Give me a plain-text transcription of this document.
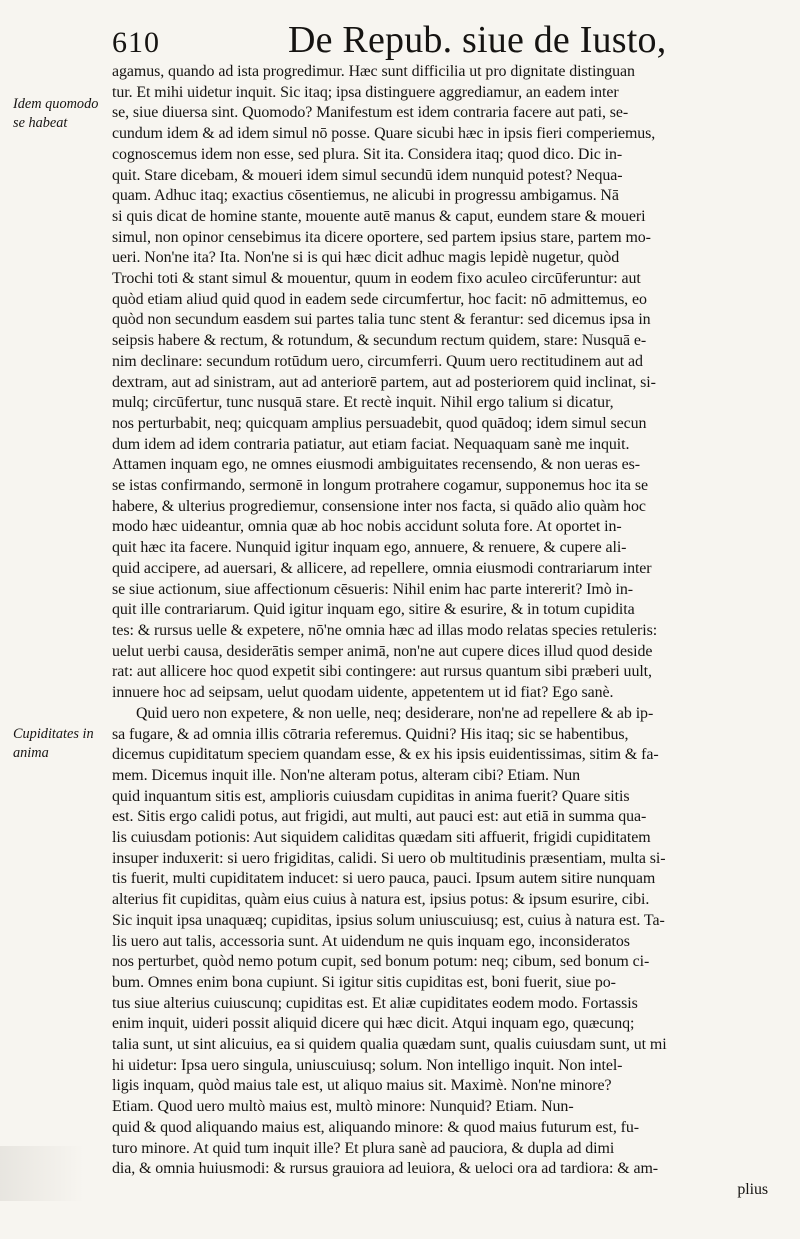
610	De Repub. siue de Iusto,
Idem quomodo se habeat
Cupiditates in anima
agamus, quando ad ista progredimur. Hæc sunt difficilia ut pro dignitate distinguan
tur. Et mihi uidetur inquit. Sic itaq; ipsa distinguere aggrediamur, an eadem inter
se, siue diuersa sint. Quomodo? Manifestum est idem contraria facere aut pati, se-
cundum idem & ad idem simul nō posse. Quare sicubi hæc in ipsis fieri comperiemus,
cognoscemus idem non esse, sed plura. Sit ita. Considera itaq; quod dico. Dic in-
quit. Stare dicebam, & moueri idem simul secundū idem nunquid potest? Nequa-
quam. Adhuc itaq; exactius cōsentiemus, ne alicubi in progressu ambigamus. Nā
si quis dicat de homine stante, mouente autē manus & caput, eundem stare & moueri
simul, non opinor censebimus ita dicere oportere, sed partem ipsius stare, partem mo-
ueri. Non'ne ita? Ita. Non'ne si is qui hæc dicit adhuc magis lepidè nugetur, quòd
Trochi toti & stant simul & mouentur, quum in eodem fixo aculeo circūferuntur: aut
quòd etiam aliud quid quod in eadem sede circumfertur, hoc facit: nō admittemus, eo
quòd non secundum easdem sui partes talia tunc stent & ferantur: sed dicemus ipsa in
seipsis habere & rectum, & rotundum, & secundum rectum quidem, stare: Nusquā e-
nim declinare: secundum rotūdum uero, circumferri. Quum uero rectitudinem aut ad
dextram, aut ad sinistram, aut ad anteriorē partem, aut ad posteriorem quid inclinat, si-
mulq; circūfertur, tunc nusquā stare. Et rectè inquit. Nihil ergo talium si dicatur,
nos perturbabit, neq; quicquam amplius persuadebit, quod quādoq; idem simul secun
dum idem ad idem contraria patiatur, aut etiam faciat. Nequaquam sanè me inquit.
Attamen inquam ego, ne omnes eiusmodi ambiguitates recensendo, & non ueras es-
se istas confirmando, sermonē in longum protrahere cogamur, supponemus hoc ita se
habere, & ulterius progrediemur, consensione inter nos facta, si quādo alio quàm hoc
modo hæc uideantur, omnia quæ ab hoc nobis accidunt soluta fore. At oportet in-
quit hæc ita facere. Nunquid igitur inquam ego, annuere, & renuere, & cupere ali-
quid accipere, ad auersari, & allicere, ad repellere, omnia eiusmodi contrariarum inter
se siue actionum, siue affectionum cēsueris: Nihil enim hac parte intererit? Imò in-
quit ille contrariarum. Quid igitur inquam ego, sitire & esurire, & in totum cupidita
tes: & rursus uelle & expetere, nō'ne omnia hæc ad illas modo relatas species retuleris:
uelut uerbi causa, desiderātis semper animā, non'ne aut cupere dices illud quod deside
rat: aut allicere hoc quod expetit sibi contingere: aut rursus quantum sibi præberi uult,
innuere hoc ad seipsam, uelut quodam uidente, appetentem ut id fiat? Ego sanè.
Quid uero non expetere, & non uelle, neq; desiderare, non'ne ad repellere & ab ip-
sa fugare, & ad omnia illis cōtraria referemus. Quidni? His itaq; sic se habentibus,
dicemus cupiditatum speciem quandam esse, & ex his ipsis euidentissimas, sitim & fa-
mem. Dicemus inquit ille. Non'ne alteram potus, alteram cibi? Etiam. Nun
quid inquantum sitis est, amplioris cuiusdam cupiditas in anima fuerit? Quare sitis
est. Sitis ergo calidi potus, aut frigidi, aut multi, aut pauci est: aut etiā in summa qua-
lis cuiusdam potionis: Aut siquidem caliditas quædam siti affuerit, frigidi cupiditatem
insuper induxerit: si uero frigiditas, calidi. Si uero ob multitudinis præsentiam, multa si-
tis fuerit, multi cupiditatem inducet: si uero pauca, pauci. Ipsum autem sitire nunquam
alterius fit cupiditas, quàm eius cuius à natura est, ipsius potus: & ipsum esurire, cibi.
Sic inquit ipsa unaquæq; cupiditas, ipsius solum uniuscuiusq; est, cuius à natura est. Ta-
lis uero aut talis, accessoria sunt. At uidendum ne quis inquam ego, inconsideratos
nos perturbet, quòd nemo potum cupit, sed bonum potum: neq; cibum, sed bonum ci-
bum. Omnes enim bona cupiunt. Si igitur sitis cupiditas est, boni fuerit, siue po-
tus siue alterius cuiuscunq; cupiditas est. Et aliæ cupiditates eodem modo. Fortassis
enim inquit, uideri possit aliquid dicere qui hæc dicit. Atqui inquam ego, quæcunq;
talia sunt, ut sint alicuius, ea si quidem qualia quædam sunt, qualis cuiusdam sunt, ut mi
hi uidetur: Ipsa uero singula, uniuscuiusq; solum. Non intelligo inquit. Non intel-
ligis inquam, quòd maius tale est, ut aliquo maius sit. Maximè. Non'ne minore?
Etiam. Quod uero multò maius est, multò minore: Nunquid? Etiam. Nun-
quid & quod aliquando maius est, aliquando minore: & quod maius futurum est, fu-
turo minore. At quid tum inquit ille? Et plura sanè ad pauciora, & dupla ad dimi
dia, & omnia huiusmodi: & rursus grauiora ad leuiora, & ueloci ora ad tardiora: & am-
plius
